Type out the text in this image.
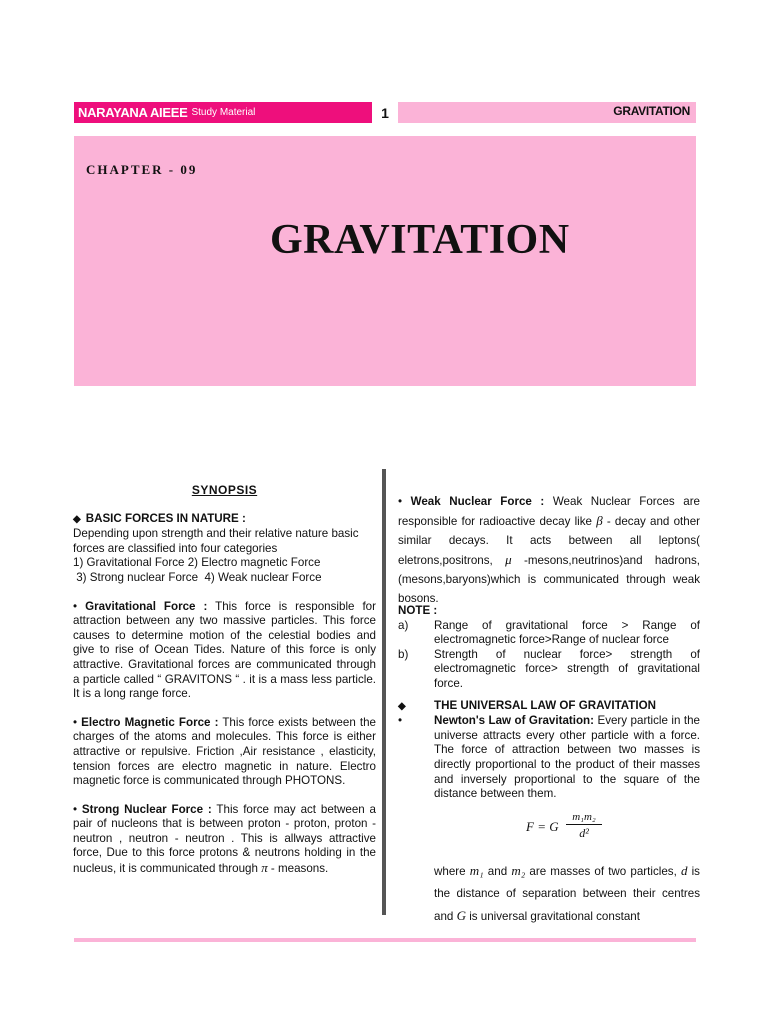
NARAYANA AIEEE Study Material	1	GRAVITATION
CHAPTER - 09
GRAVITATION
SYNOPSIS
◆ BASIC FORCES IN NATURE :

Depending upon strength and their relative nature basic

forces are classified into four categories

1) Gravitational Force 2) Electro magnetic Force

3) Strong nuclear Force  4) Weak nuclear Force

• Gravitational Force : This force is responsible for attraction between any two massive particles. This force causes to determine motion of the celestial bodies and give to rise of Ocean Tides. Nature of this force is only attractive. Gravitational forces are communicated through a particle called “ GRAVITONS “ . it is a mass less particle. It is a long range force.
• Electro Magnetic Force : This force exists between the charges of the atoms and molecules. This force is either attractive or repulsive. Friction ,Air resistance , elasticity, tension forces are electro magnetic in nature. Electro magnetic force is communicated through PHOTONS.
• Strong Nuclear Force : This force may act between a pair of nucleons that is between proton - proton, proton - neutron , neutron - neutron . This is allways attractive force, Due to this force protons & neutrons holding in the nucleus, it is communicated through π - measons.
• Weak Nuclear Force : Weak Nuclear Forces are responsible for radioactive decay like β - decay and other similar decays. It acts between all leptons( eletrons,positrons, μ -mesons,neutrinos)and hadrons, (mesons,baryons)which is communicated through weak bosons.
NOTE :
a)	Range of gravitational force > Range of electromagnetic force>Range of nuclear force
b)	Strength of nuclear force> strength of electromagnetic force> strength of gravitational force.
◆	THE UNIVERSAL LAW OF GRAVITATION
•	Newton's Law of Gravitation: Every particle in the universe attracts every other particle with a force. The force of attraction between two masses is directly proportional to the product of their masses and inversely proportional to the square of the distance between them.
F = G $\frac{\text{m₁m₂}}{\text{d²}}$
where m₁ and m₂ are masses of two particles, d is the distance of separation between their centres and G is universal gravitational constant
